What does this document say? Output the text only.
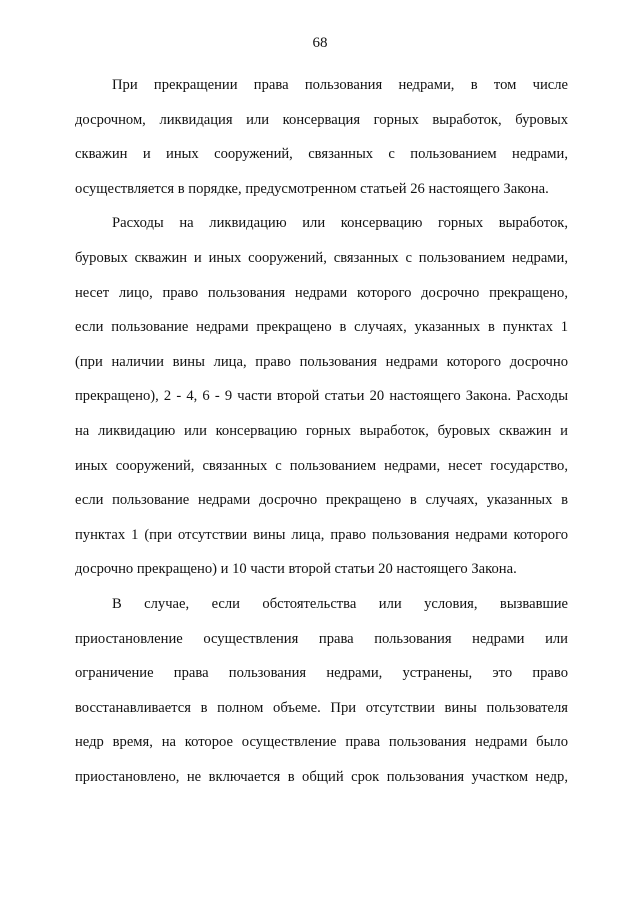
68
При прекращении права пользования недрами, в том числе
досрочном, ликвидация или консервация горных выработок, буровых
скважин и иных сооружений, связанных с пользованием недрами,
осуществляется в порядке, предусмотренном статьей 26 настоящего Закона.
Расходы на ликвидацию или консервацию горных выработок,
буровых скважин и иных сооружений, связанных с пользованием недрами,
несет лицо, право пользования недрами которого досрочно прекращено,
если пользование недрами прекращено в случаях, указанных в пунктах 1
(при наличии вины лица, право пользования недрами которого досрочно
прекращено), 2 - 4, 6 - 9 части второй статьи 20 настоящего Закона. Расходы
на ликвидацию или консервацию горных выработок, буровых скважин и
иных сооружений, связанных с пользованием недрами, несет государство,
если пользование недрами досрочно прекращено в случаях, указанных в
пунктах 1 (при отсутствии вины лица, право пользования недрами которого
досрочно прекращено) и 10 части второй статьи 20 настоящего Закона.
В случае, если обстоятельства или условия, вызвавшие
приостановление осуществления права пользования недрами или
ограничение права пользования недрами, устранены, это право
восстанавливается в полном объеме. При отсутствии вины пользователя
недр время, на которое осуществление права пользования недрами было
приостановлено, не включается в общий срок пользования участком недр,
